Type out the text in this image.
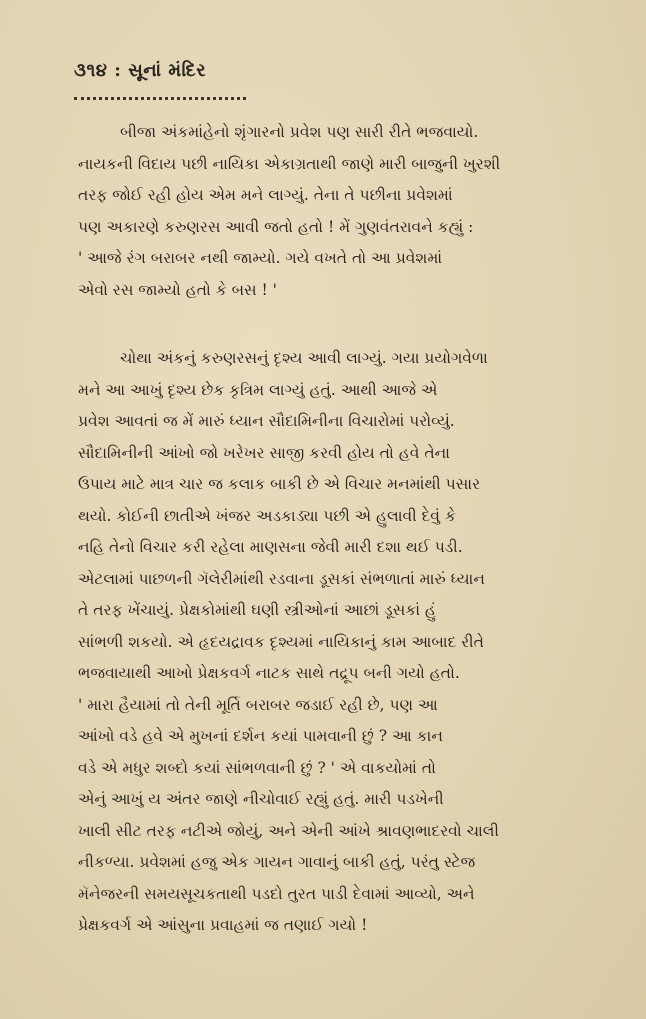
૩૧૪ : સૂનાં મંદિર
બીજા અંકમાંહેનો શૃંગારનો પ્રવેશ પણ સારી રીતે ભજવાયો.
નાયકની વિદાય પછી નાયિકા એકાગ્રતાથી જાણે મારી બાજુની ખુરશી
તરફ જોઈ રહી હોય એમ મને લાગ્યું. તેના તે પછીના પ્રવેશમાં
પણ અકારણે કરુણરસ આવી જતો હતો ! મેં ગુણવંતરાવને કહ્યું :
' આજે રંગ બરાબર નથી જામ્યો. ગયે વખતે તો આ પ્રવેશમાં
એવો રસ જામ્યો હતો કે બસ ! '
ચોથા અંકનું કરુણરસનું દૃશ્ય આવી લાગ્યું. ગયા પ્રયોગવેળા
મને આ આખું દૃશ્ય છેક કૃત્રિમ લાગ્યું હતું. આથી આજે એ
પ્રવેશ આવતાં જ મેં મારું ધ્યાન સૌદામિનીના વિચારોમાં પરોવ્યું.
સૌદામિનીની આંખો જો ખરેખર સાજી કરવી હોય તો હવે તેના
ઉપાય માટે માત્ર ચાર જ કલાક બાકી છે એ વિચાર મનમાંથી પસાર
થયો. કોઈની છાતીએ ખંજર અડકાડ્યા પછી એ હુલાવી દેવું કે
નહિ તેનો વિચાર કરી રહેલા માણસના જેવી મારી દશા થઈ પડી.
એટલામાં પાછળની ગૅલેરીમાંથી રડવાના ડૂસકાં સંભળાતાં મારું ધ્યાન
તે તરફ ખેંચાયું. પ્રેક્ષકોમાંથી ઘણી સ્ત્રીઓનાં આછાં ડૂસકાં હું
સાંભળી શકયો. એ હૃદયદ્રાવક દૃશ્યમાં નાયિકાનું કામ આબાદ રીતે
ભજવાયાથી આખો પ્રેક્ષકવર્ગ નાટક સાથે તદ્રૂપ બની ગયો હતો.
' મારા હૈયામાં તો તેની મૂર્તિ બરાબર જડાઈ રહી છે, પણ આ
આંખો વડે હવે એ મુખનાં દર્શન કયાં પામવાની છું ? આ કાન
વડે એ મધુર શબ્દો કયાં સાંભળવાની છું ? ' એ વાકયોમાં તો
એનું આખું ય અંતર જાણે નીચોવાઈ રહ્યું હતું. મારી પડખેની
ખાલી સીટ તરફ નટીએ જોયું, અને એની આંખે શ્રાવણભાદરવો ચાલી
નીકળ્યા. પ્રવેશમાં હજુ એક ગાયન ગાવાનું બાકી હતું, પરંતુ સ્ટેજ
મૅનેજરની સમયસૂચકતાથી પડદો તુરત પાડી દેવામાં આવ્યો, અને
પ્રેક્ષકવર્ગ એ આંસુના પ્રવાહમાં જ તણાઈ ગયો !
